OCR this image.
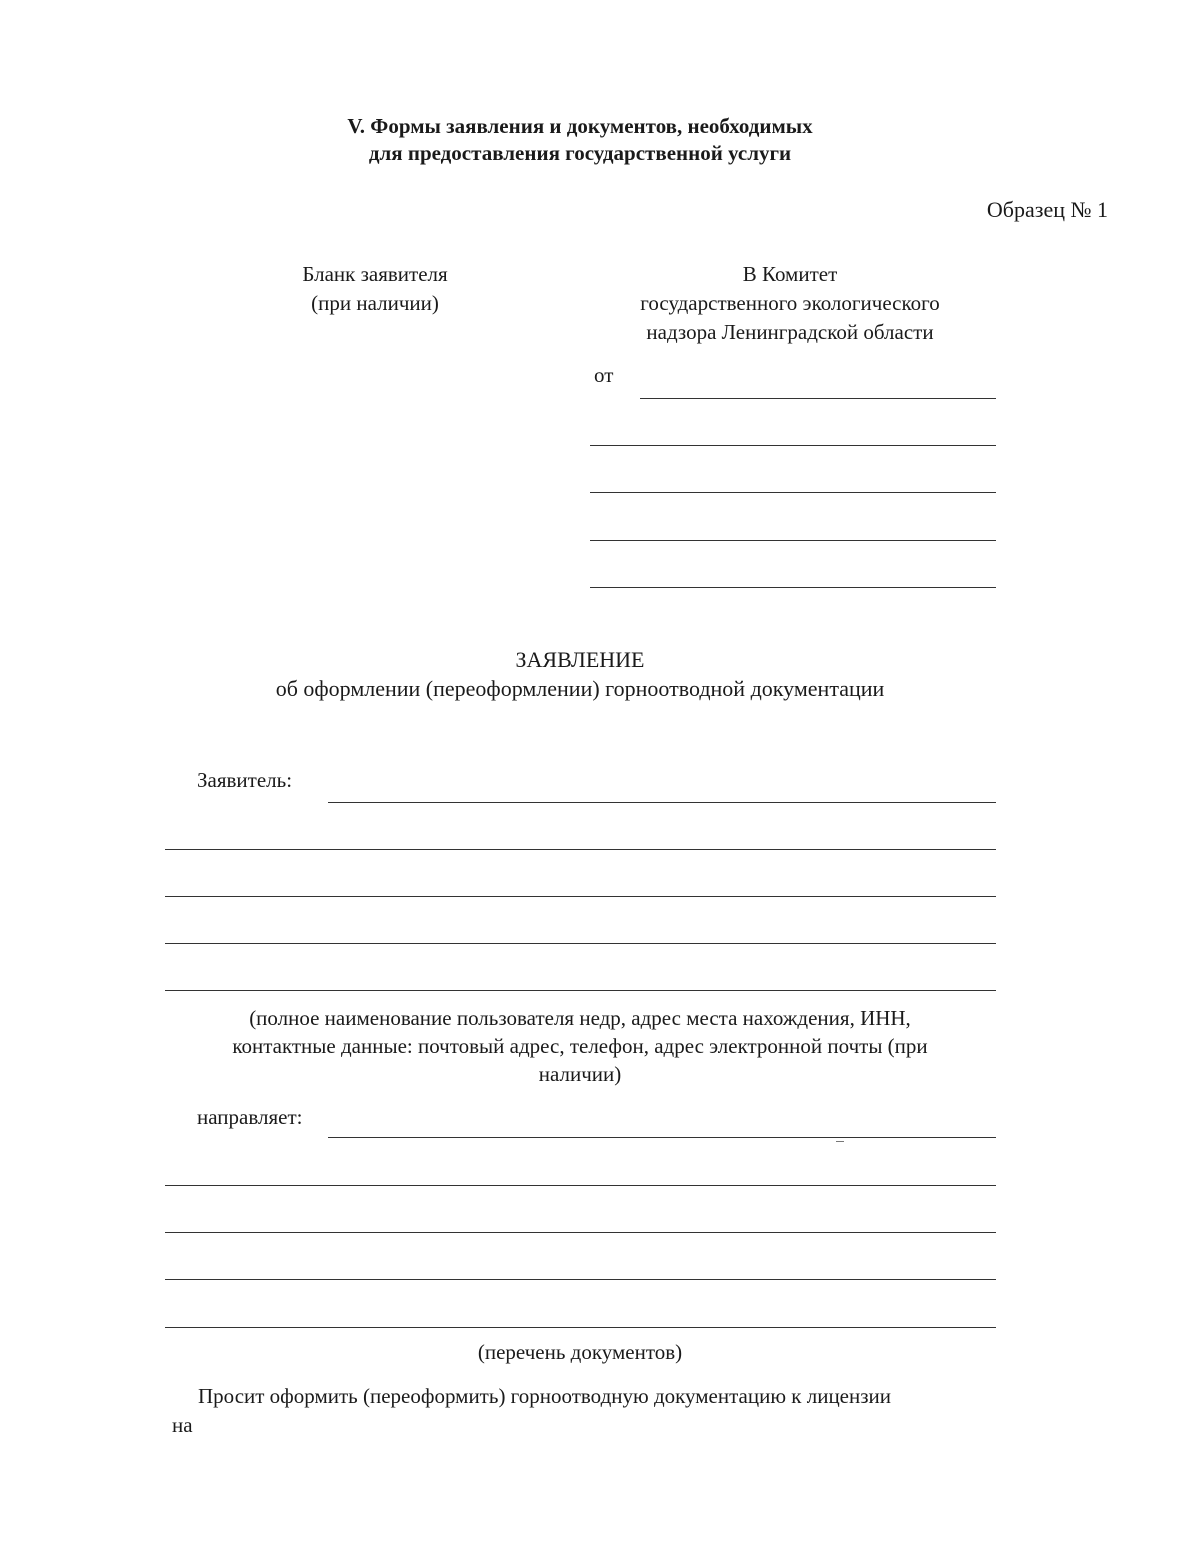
V. Формы заявления и документов, необходимых
для предоставления государственной услуги
Образец № 1
Бланк заявителя
(при наличии)
В Комитет
государственного экологического
надзора Ленинградской области
от
ЗАЯВЛЕНИЕ
об оформлении (переоформлении) горноотводной документации
Заявитель:
(полное наименование пользователя недр, адрес места нахождения, ИНН,
контактные данные: почтовый адрес, телефон, адрес электронной почты (при
наличии)
направляет:
(перечень документов)
Просит оформить (переоформить) горноотводную документацию к лицензии
на
